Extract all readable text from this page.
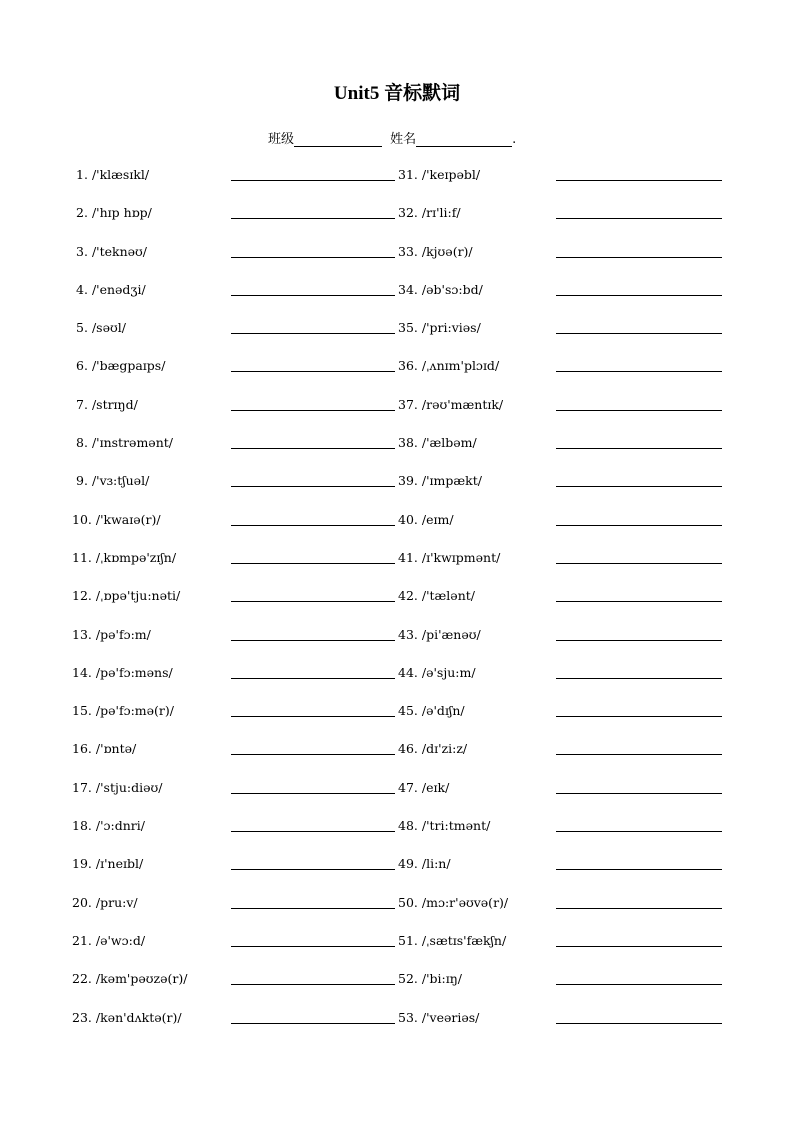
Unit5 音标默词
班级	姓名	.
1. /'klæsɪkl/	31. /'keɪpəbl/
2. /'hɪp hɒp/	32. /rɪ'li:f/
3. /'teknəʊ/	33. /kjʊə(r)/
4. /'enədʒi/	34. /əb'sɔ:bd/
5. /səʊl/	35. /'pri:viəs/
6. /'bægpaɪps/	36. /ˌʌnɪm'plɔɪd/
7. /strɪŋd/	37. /rəʊ'mæntɪk/
8. /'ɪnstrəmənt/	38. /'ælbəm/
9. /'vɜ:tʃuəl/	39. /'ɪmpækt/
10. /'kwaɪə(r)/	40. /eɪm/
11. /ˌkɒmpə'zɪʃn/	41. /ɪ'kwɪpmənt/
12. /ˌɒpə'tju:nəti/	42. /'tælənt/
13. /pə'fɔ:m/	43. /pi'ænəʊ/
14. /pə'fɔ:məns/	44. /ə'sju:m/
15. /pə'fɔ:mə(r)/	45. /ə'dɪʃn/
16. /'ɒntə/	46. /dɪ'zi:z/
17. /'stju:diəʊ/	47. /eɪk/
18. /'ɔ:dnri/	48. /'tri:tmənt/
19. /ɪ'neɪbl/	49. /li:n/
20. /pru:v/	50. /mɔ:r'əʊvə(r)/
21. /ə'wɔ:d/	51. /ˌsætɪs'fækʃn/
22. /kəm'pəʊzə(r)/	52. /'bi:ɪŋ/
23. /kən'dʌktə(r)/	53. /'veəriəs/
